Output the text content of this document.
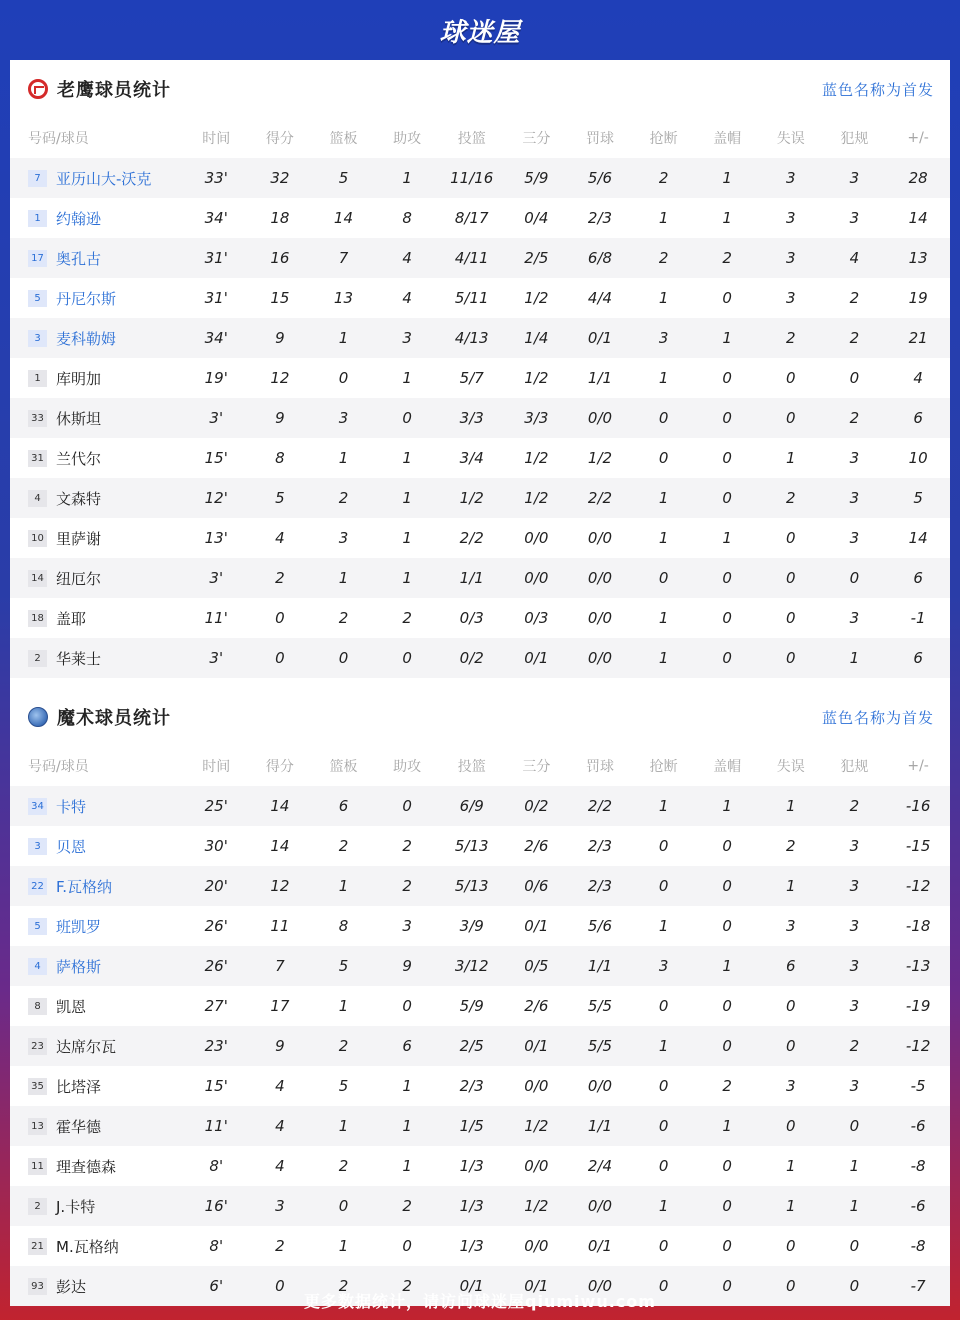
球迷屋
老鹰球员统计	蓝色名称为首发
号码/球员	时间	得分	篮板	助攻	投篮	三分	罚球	抢断	盖帽	失误	犯规	+/-
7 亚历山大-沃克	33'	32	5	1	11/16	5/9	5/6	2	1	3	3	28
1 约翰逊	34'	18	14	8	8/17	0/4	2/3	1	1	3	3	14
17 奥孔古	31'	16	7	4	4/11	2/5	6/8	2	2	3	4	13
5 丹尼尔斯	31'	15	13	4	5/11	1/2	4/4	1	0	3	2	19
3 麦科勒姆	34'	9	1	3	4/13	1/4	0/1	3	1	2	2	21
1 库明加	19'	12	0	1	5/7	1/2	1/1	1	0	0	0	4
33 休斯坦	3'	9	3	0	3/3	3/3	0/0	0	0	0	2	6
31 兰代尔	15'	8	1	1	3/4	1/2	1/2	0	0	1	3	10
4 文森特	12'	5	2	1	1/2	1/2	2/2	1	0	2	3	5
10 里萨谢	13'	4	3	1	2/2	0/0	0/0	1	1	0	3	14
14 纽厄尔	3'	2	1	1	1/1	0/0	0/0	0	0	0	0	6
18 盖耶	11'	0	2	2	0/3	0/3	0/0	1	0	0	3	-1
2 华莱士	3'	0	0	0	0/2	0/1	0/0	1	0	0	1	6
魔术球员统计	蓝色名称为首发
号码/球员	时间	得分	篮板	助攻	投篮	三分	罚球	抢断	盖帽	失误	犯规	+/-
34 卡特	25'	14	6	0	6/9	0/2	2/2	1	1	1	2	-16
3 贝恩	30'	14	2	2	5/13	2/6	2/3	0	0	2	3	-15
22 F.瓦格纳	20'	12	1	2	5/13	0/6	2/3	0	0	1	3	-12
5 班凯罗	26'	11	8	3	3/9	0/1	5/6	1	0	3	3	-18
4 萨格斯	26'	7	5	9	3/12	0/5	1/1	3	1	6	3	-13
8 凯恩	27'	17	1	0	5/9	2/6	5/5	0	0	0	3	-19
23 达席尔瓦	23'	9	2	6	2/5	0/1	5/5	1	0	0	2	-12
35 比塔泽	15'	4	5	1	2/3	0/0	0/0	0	2	3	3	-5
13 霍华德	11'	4	1	1	1/5	1/2	1/1	0	1	0	0	-6
11 理查德森	8'	4	2	1	1/3	0/0	2/4	0	0	1	1	-8
2 J.卡特	16'	3	0	2	1/3	1/2	0/0	1	0	1	1	-6
21 M.瓦格纳	8'	2	1	0	1/3	0/0	0/1	0	0	0	0	-8
93 彭达	6'	0	2	2	0/1	0/1	0/0	0	0	0	0	-7
更多数据统计，请访问球迷屋qiumiwu.com
